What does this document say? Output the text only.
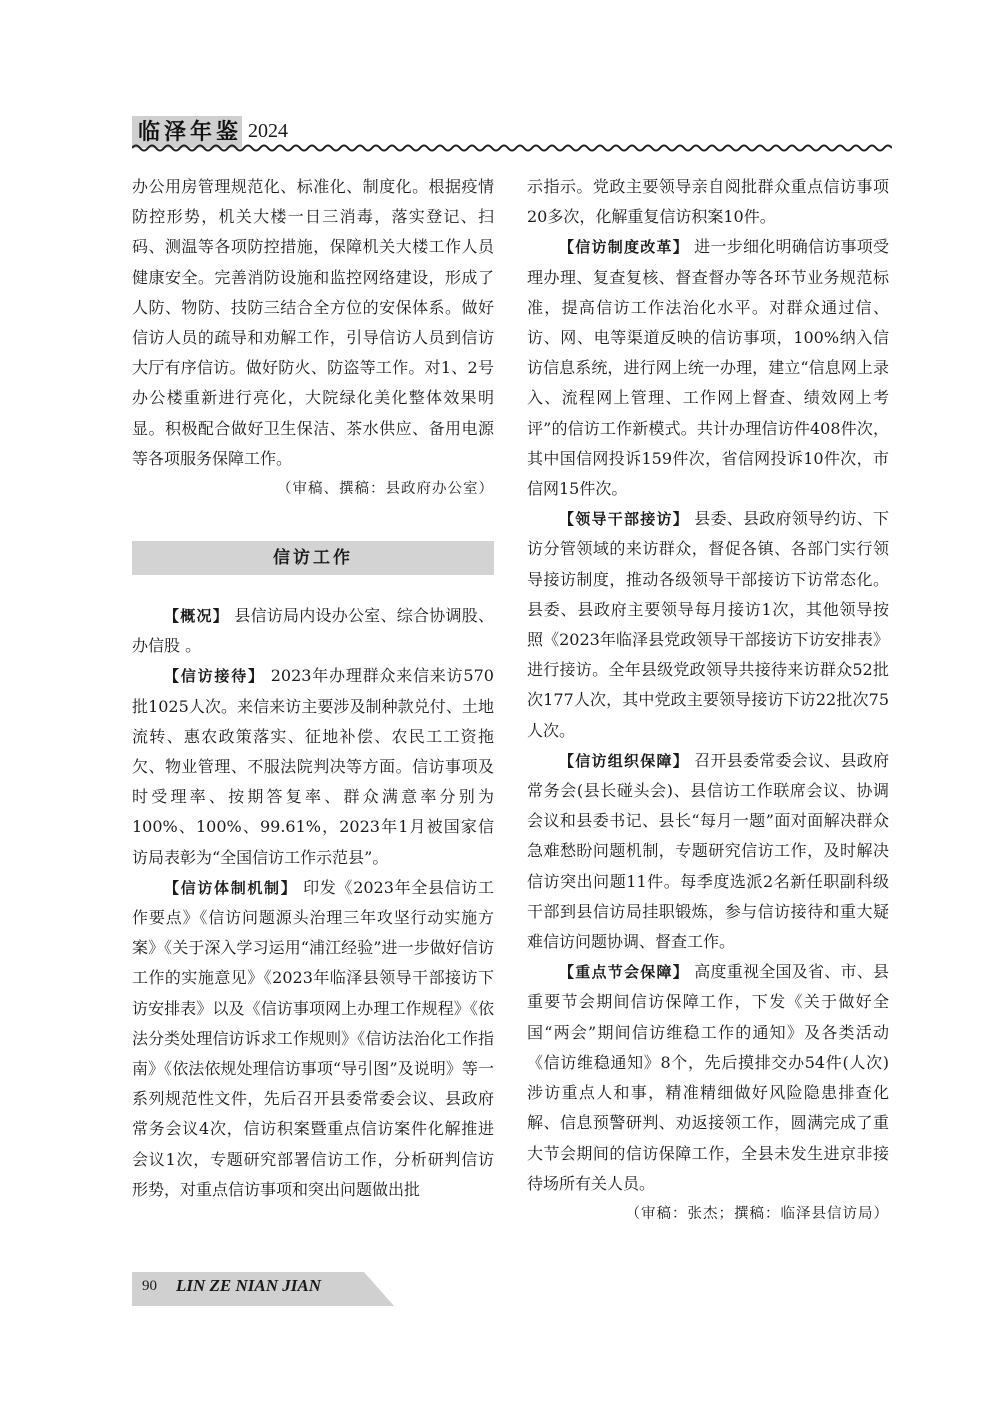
临泽年鉴 2024

办公用房管理规范化、标准化、制度化。根据疫情防控形势，机关大楼一日三消毒，落实登记、扫码、测温等各项防控措施，保障机关大楼工作人员健康安全。完善消防设施和监控网络建设，形成了人防、物防、技防三结合全方位的安保体系。做好信访人员的疏导和劝解工作，引导信访人员到信访大厅有序信访。做好防火、防盗等工作。对1、2号办公楼重新进行亮化，大院绿化美化整体效果明显。积极配合做好卫生保洁、茶水供应、备用电源等各项服务保障工作。

（审稿、撰稿：县政府办公室）

信访工作

【概况】 县信访局内设办公室、综合协调股、办信股 。

【信访接待】 2023年办理群众来信来访570批1025人次。来信来访主要涉及制种款兑付、土地流转、惠农政策落实、征地补偿、农民工工资拖欠、物业管理、不服法院判决等方面。信访事项及时受理率、按期答复率、群众满意率分别为100%、100%、99.61%，2023年1月被国家信访局表彰为“全国信访工作示范县”。

【信访体制机制】 印发《2023年全县信访工作要点》《信访问题源头治理三年攻坚行动实施方案》《关于深入学习运用“浦江经验”进一步做好信访工作的实施意见》《2023年临泽县领导干部接访下访安排表》以及《信访事项网上办理工作规程》《依法分类处理信访诉求工作规则》《信访法治化工作指南》《依法依规处理信访事项“导引图”及说明》等一系列规范性文件，先后召开县委常委会议、县政府常务会议4次，信访积案暨重点信访案件化解推进会议1次，专题研究部署信访工作，分析研判信访形势，对重点信访事项和突出问题做出批

示指示。党政主要领导亲自阅批群众重点信访事项20多次，化解重复信访积案10件。

【信访制度改革】 进一步细化明确信访事项受理办理、复查复核、督查督办等各环节业务规范标准，提高信访工作法治化水平。对群众通过信、访、网、电等渠道反映的信访事项，100%纳入信访信息系统，进行网上统一办理，建立“信息网上录入、流程网上管理、工作网上督查、绩效网上考评”的信访工作新模式。共计办理信访件408件次，其中国信网投诉159件次，省信网投诉10件次，市信网15件次。

【领导干部接访】 县委、县政府领导约访、下访分管领域的来访群众，督促各镇、各部门实行领导接访制度，推动各级领导干部接访下访常态化。县委、县政府主要领导每月接访1次，其他领导按照《2023年临泽县党政领导干部接访下访安排表》进行接访。全年县级党政领导共接待来访群众52批次177人次，其中党政主要领导接访下访22批次75人次。

【信访组织保障】 召开县委常委会议、县政府常务会(县长碰头会)、县信访工作联席会议、协调会议和县委书记、县长“每月一题”面对面解决群众急难愁盼问题机制，专题研究信访工作，及时解决信访突出问题11件。每季度选派2名新任职副科级干部到县信访局挂职锻炼，参与信访接待和重大疑难信访问题协调、督查工作。

【重点节会保障】 高度重视全国及省、市、县重要节会期间信访保障工作，下发《关于做好全国“两会”期间信访维稳工作的通知》及各类活动《信访维稳通知》8个，先后摸排交办54件(人次)涉访重点人和事，精准精细做好风险隐患排查化解、信息预警研判、劝返接领工作，圆满完成了重大节会期间的信访保障工作，全县未发生进京非接待场所有关人员。

（审稿：张杰；撰稿：临泽县信访局）

90 LIN ZE NIAN JIAN
